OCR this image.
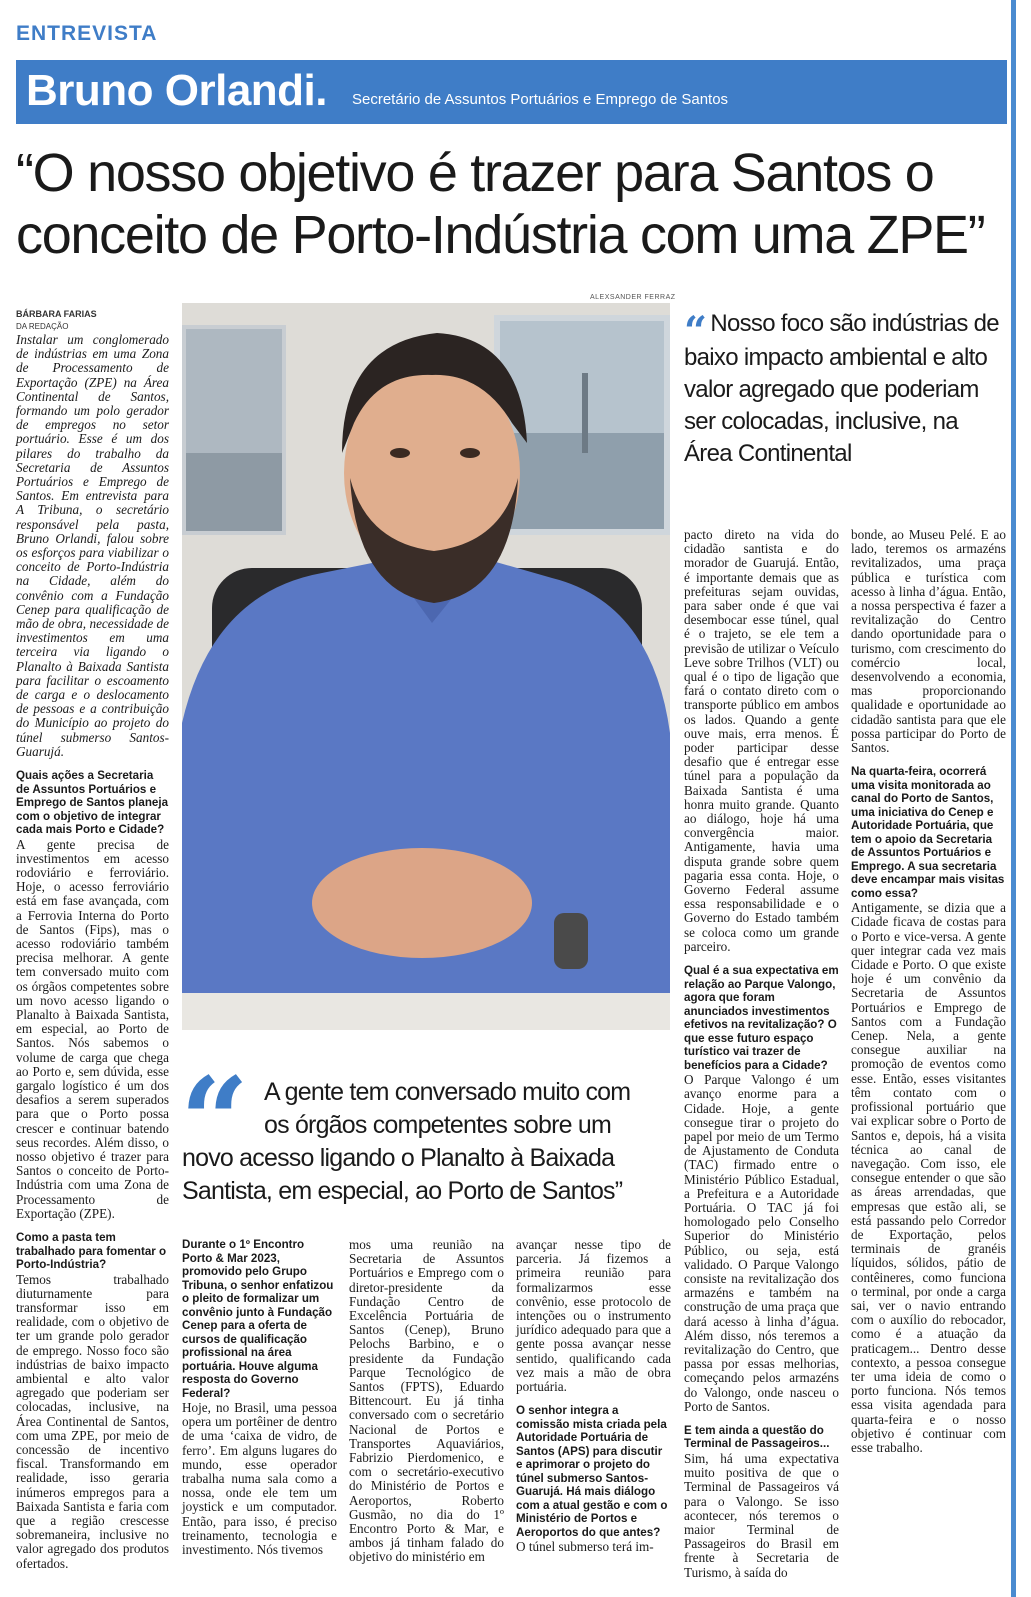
ENTREVISTA
Bruno Orlandi. Secretário de Assuntos Portuários e Emprego de Santos
“O nosso objetivo é trazer para Santos o conceito de Porto-Indústria com uma ZPE”
BÁRBARA FARIAS
DA REDAÇÃO

Instalar um conglomerado de indústrias em uma Zona de Processamento de Exportação (ZPE) na Área Continental de Santos, formando um polo gerador de empregos no setor portuário. Esse é um dos pilares do trabalho da Secretaria de Assuntos Portuários e Emprego de Santos. Em entrevista para A Tribuna, o secretário responsável pela pasta, Bruno Orlandi, falou sobre os esforços para viabilizar o conceito de Porto-Indústria na Cidade, além do convênio com a Fundação Cenep para qualificação de mão de obra, necessidade de investimentos em uma terceira via ligando o Planalto à Baixada Santista para facilitar o escoamento de carga e o deslocamento de pessoas e a contribuição do Município ao projeto do túnel submerso Santos-Guarujá.

Quais ações a Secretaria de Assuntos Portuários e Emprego de Santos planeja com o objetivo de integrar cada mais Porto e Cidade?

A gente precisa de investimentos em acesso rodoviário e ferroviário. Hoje, o acesso ferroviário está em fase avançada, com a Ferrovia Interna do Porto de Santos (Fips), mas o acesso rodoviário também precisa melhorar. A gente tem conversado muito com os órgãos competentes sobre um novo acesso ligando o Planalto à Baixada Santista, em especial, ao Porto de Santos. Nós sabemos o volume de carga que chega ao Porto e, sem dúvida, esse gargalo logístico é um dos desafios a serem superados para que o Porto possa crescer e continuar batendo seus recordes. Além disso, o nosso objetivo é trazer para Santos o conceito de Porto-Indústria com uma Zona de Processamento de Exportação (ZPE).

Como a pasta tem trabalhado para fomentar o Porto-Indústria?

Temos trabalhado diuturnamente para transformar isso em realidade, com o objetivo de ter um grande polo gerador de emprego. Nosso foco são indústrias de baixo impacto ambiental e alto valor agregado que poderiam ser colocadas, inclusive, na Área Continental de Santos, com uma ZPE, por meio de concessão de incentivo fiscal. Transformando em realidade, isso geraria inúmeros empregos para a Baixada Santista e faria com que a região crescesse sobremaneira, inclusive no valor agregado dos produtos ofertados.

ALEXSANDER FERRAZ
“ Nosso foco são indústrias de baixo impacto ambiental e alto valor agregado que poderiam ser colocadas, inclusive, na Área Continental
“ A gente tem conversado muito com
os órgãos competentes sobre um
novo acesso ligando o Planalto à Baixada
Santista, em especial, ao Porto de Santos”

Durante o 1º Encontro Porto & Mar 2023, promovido pelo Grupo Tribuna, o senhor enfatizou o pleito de formalizar um convênio junto à Fundação Cenep para a oferta de cursos de qualificação profissional na área portuária. Houve alguma resposta do Governo Federal?

Hoje, no Brasil, uma pessoa opera um portêiner de dentro de uma ‘caixa de vidro, de ferro’. Em alguns lugares do mundo, esse operador trabalha numa sala como a nossa, onde ele tem um joystick e um computador. Então, para isso, é preciso treinamento, tecnologia e investimento. Nós tivemos

mos uma reunião na Secretaria de Assuntos Portuários e Emprego com o diretor-presidente da Fundação Centro de Excelência Portuária de Santos (Cenep), Bruno Pelochs Barbino, e o presidente da Fundação Parque Tecnológico de Santos (FPTS), Eduardo Bittencourt. Eu já tinha conversado com o secretário Nacional de Portos e Transportes Aquaviários, Fabrizio Pierdomenico, e com o secretário-executivo do Ministério de Portos e Aeroportos, Roberto Gusmão, no dia do 1º Encontro Porto & Mar, e ambos já tinham falado do objetivo do ministério em

avançar nesse tipo de parceria. Já fizemos a primeira reunião para formalizarmos esse convênio, esse protocolo de intenções ou o instrumento jurídico adequado para que a gente possa avançar nesse sentido, qualificando cada vez mais a mão de obra portuária.

O senhor integra a comissão mista criada pela Autoridade Portuária de Santos (APS) para discutir e aprimorar o projeto do túnel submerso Santos-Guarujá. Há mais diálogo com a atual gestão e com o Ministério de Portos e Aeroportos do que antes?

O túnel submerso terá im-

pacto direto na vida do cidadão santista e do morador de Guarujá. Então, é importante demais que as prefeituras sejam ouvidas, para saber onde é que vai desembocar esse túnel, qual é o trajeto, se ele tem a previsão de utilizar o Veículo Leve sobre Trilhos (VLT) ou qual é o tipo de ligação que fará o contato direto com o transporte público em ambos os lados. Quando a gente ouve mais, erra menos. É poder participar desse desafio que é entregar esse túnel para a população da Baixada Santista é uma honra muito grande. Quanto ao diálogo, hoje há uma convergência maior. Antigamente, havia uma disputa grande sobre quem pagaria essa conta. Hoje, o Governo Federal assume essa responsabilidade e o Governo do Estado também se coloca como um grande parceiro.

Qual é a sua expectativa em relação ao Parque Valongo, agora que foram anunciados investimentos efetivos na revitalização? O que esse futuro espaço turístico vai trazer de benefícios para a Cidade?

O Parque Valongo é um avanço enorme para a Cidade. Hoje, a gente consegue tirar o projeto do papel por meio de um Termo de Ajustamento de Conduta (TAC) firmado entre o Ministério Público Estadual, a Prefeitura e a Autoridade Portuária. O TAC já foi homologado pelo Conselho Superior do Ministério Público, ou seja, está validado. O Parque Valongo consiste na revitalização dos armazéns e também na construção de uma praça que dará acesso à linha d’água. Além disso, nós teremos a revitalização do Centro, que passa por essas melhorias, começando pelos armazéns do Valongo, onde nasceu o Porto de Santos.

E tem ainda a questão do Terminal de Passageiros...

Sim, há uma expectativa muito positiva de que o Terminal de Passageiros vá para o Valongo. Se isso acontecer, nós teremos o maior Terminal de Passageiros do Brasil em frente à Secretaria de Turismo, à saída do

bonde, ao Museu Pelé. E ao lado, teremos os armazéns revitalizados, uma praça pública e turística com acesso à linha d’água. Então, a nossa perspectiva é fazer a revitalização do Centro dando oportunidade para o turismo, com crescimento do comércio local, desenvolvendo a economia, mas proporcionando qualidade e oportunidade ao cidadão santista para que ele possa participar do Porto de Santos.

Na quarta-feira, ocorrerá uma visita monitorada ao canal do Porto de Santos, uma iniciativa do Cenep e Autoridade Portuária, que tem o apoio da Secretaria de Assuntos Portuários e Emprego. A sua secretaria deve encampar mais visitas como essa?

Antigamente, se dizia que a Cidade ficava de costas para o Porto e vice-versa. A gente quer integrar cada vez mais Cidade e Porto. O que existe hoje é um convênio da Secretaria de Assuntos Portuários e Emprego de Santos com a Fundação Cenep. Nela, a gente consegue auxiliar na promoção de eventos como esse. Então, esses visitantes têm contato com o profissional portuário que vai explicar sobre o Porto de Santos e, depois, há a visita técnica ao canal de navegação. Com isso, ele consegue entender o que são as áreas arrendadas, que empresas que estão ali, se está passando pelo Corredor de Exportação, pelos terminais de granéis líquidos, sólidos, pátio de contêineres, como funciona o terminal, por onde a carga sai, ver o navio entrando com o auxílio do rebocador, como é a atuação da praticagem... Dentro desse contexto, a pessoa consegue ter uma ideia de como o porto funciona. Nós temos essa visita agendada para quarta-feira e o nosso objetivo é continuar com esse trabalho.
